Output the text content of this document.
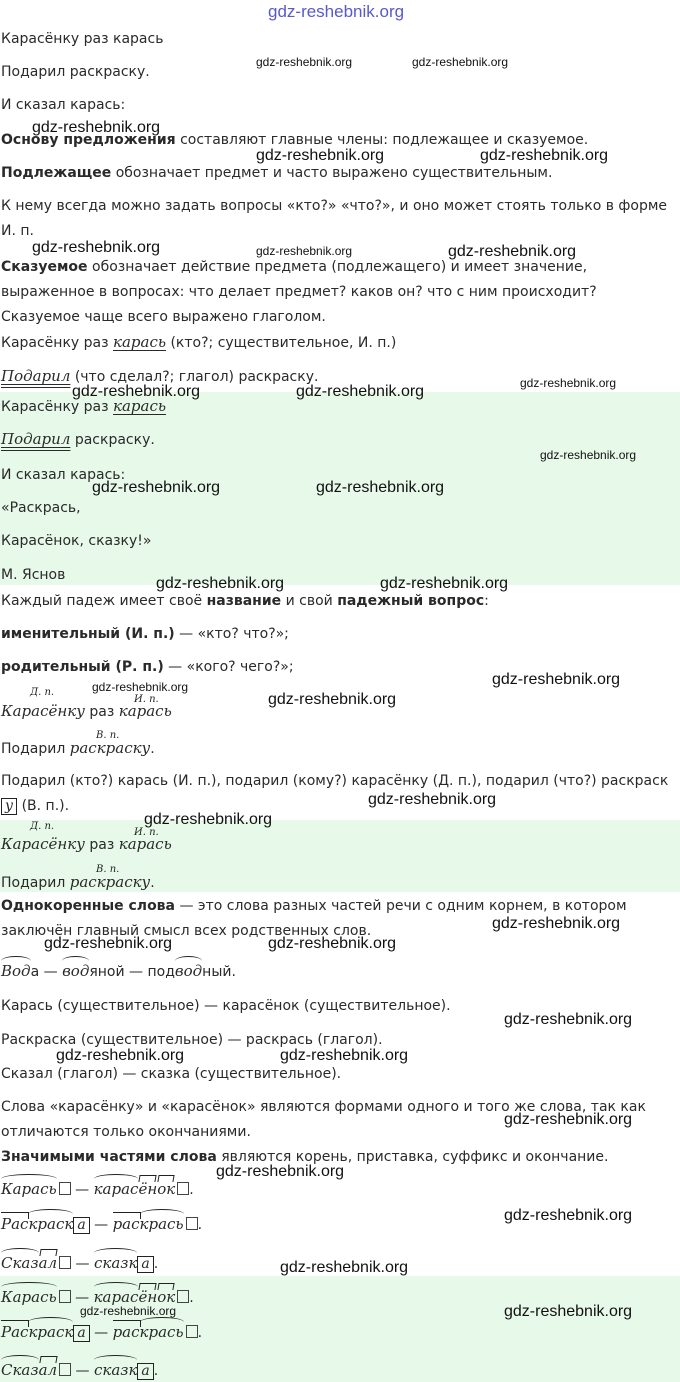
gdz-reshebnik.org
gdz-reshebnik.org	gdz-reshebnik.org
gdz-reshebnik.org
gdz-reshebnik.org	gdz-reshebnik.org
gdz-reshebnik.org	gdz-reshebnik.org	gdz-reshebnik.org
Карасёнку раз карась
Подарил раскраску.
И сказал карась:
Основу предложения составляют главные члены: подлежащее и сказуемое.
Подлежащее обозначает предмет и часто выражено существительным.
К нему всегда можно задать вопросы «кто?» «что?», и оно может стоять только в форме
И. п.
Сказуемое обозначает действие предмета (подлежащего) и имеет значение,
выраженное в вопросах: что делает предмет? каков он? что с ним происходит?
Сказуемое чаще всего выражено глаголом.
Карасёнку раз карась (кто?; существительное, И. п.)
Подарил (что сделал?; глагол) раскраску.	gdz-reshebnik.org
gdz-reshebnik.org	gdz-reshebnik.org
Карасёнку раз карась
Подарил раскраску.
gdz-reshebnik.org
И сказал карась:
gdz-reshebnik.org	gdz-reshebnik.org
«Раскрась,
Карасёнок, сказку!»
М. Яснов	gdz-reshebnik.org	gdz-reshebnik.org
Каждый падеж имеет своё название и свой падежный вопрос:
именительный (И. п.) — «кто? что?»;
родительный (Р. п.) — «кого? чего?»;
Д. п.	gdz-reshebnik.org
И. п.
gdz-reshebnik.org
gdz-reshebnik.org
Карасёнку раз карась
В. п.
Подарил раскраску.
Подарил (кто?) карась (И. п.), подарил (кому?) карасёнку (Д. п.), подарил (что?) раскраск
у (В. п.).	gdz-reshebnik.org
gdz-reshebnik.org
Д. п.
И. п.
Карасёнку раз карась
В. п.
Подарил раскраску.
Однокоренные слова — это слова разных частей речи с одним корнем, в котором
gdz-reshebnik.org
заключён главный смысл всех родственных слов.
gdz-reshebnik.org	gdz-reshebnik.org
Вода — водяной — подводный.
Карась (существительное) — карасёнок (существительное).
gdz-reshebnik.org
Раскраска (существительное) — раскрась (глагол).
gdz-reshebnik.org	gdz-reshebnik.org
Сказал (глагол) — сказка (существительное).
Слова «карасёнку» и «карасёнок» являются формами одного и того же слова, так как
gdz-reshebnik.org
отличаются только окончаниями.
Значимыми частями слова являются корень, приставка, суффикс и окончание.
gdz-reshebnik.org
Карась — карасёнок .
gdz-reshebnik.org
Раскраск а — раскрась .
Сказал — сказк а .	gdz-reshebnik.org
Карась — карасёнок .
gdz-reshebnik.org	gdz-reshebnik.org
Раскраск а — раскрась .
Сказал — сказк а .
